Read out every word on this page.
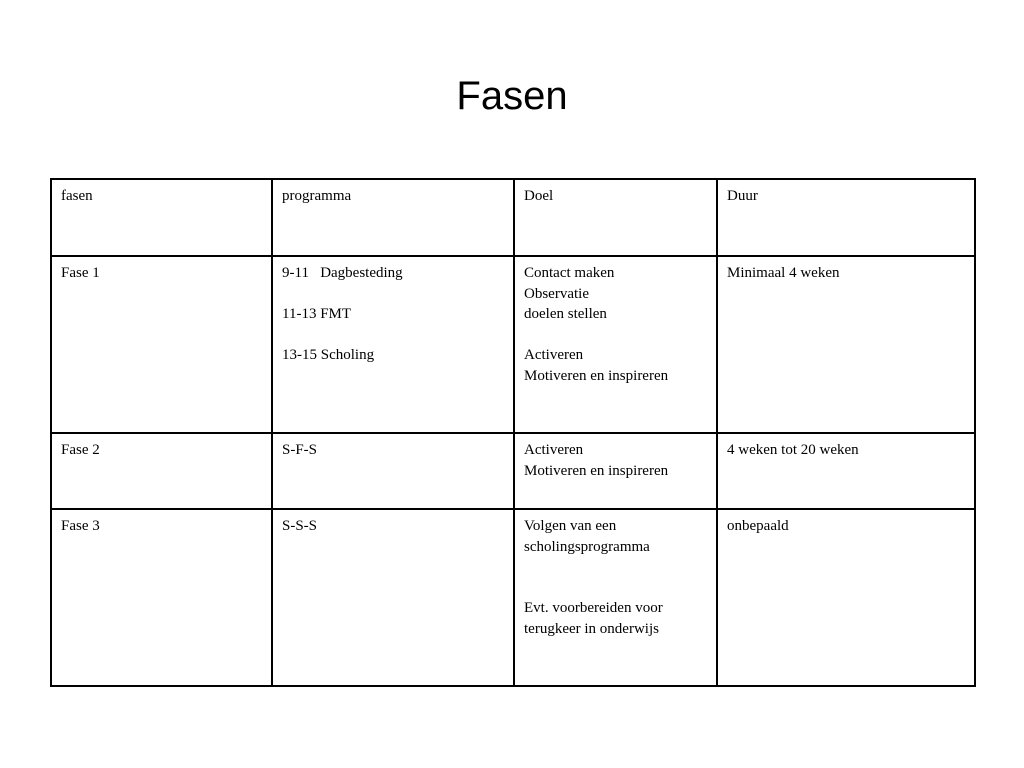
Fasen
fasen	programma	Doel	Duur
Fase 1	9-11   Dagbesteding
11-13 FMT
13-15 Scholing	Contact maken
Observatie
doelen stellen
Activeren
Motiveren en inspireren	Minimaal 4 weken
Fase 2	S-F-S	Activeren
Motiveren en inspireren	4 weken tot 20 weken
Fase 3	S-S-S	Volgen van een
scholingsprogramma
Evt. voorbereiden voor
terugkeer in onderwijs	onbepaald
